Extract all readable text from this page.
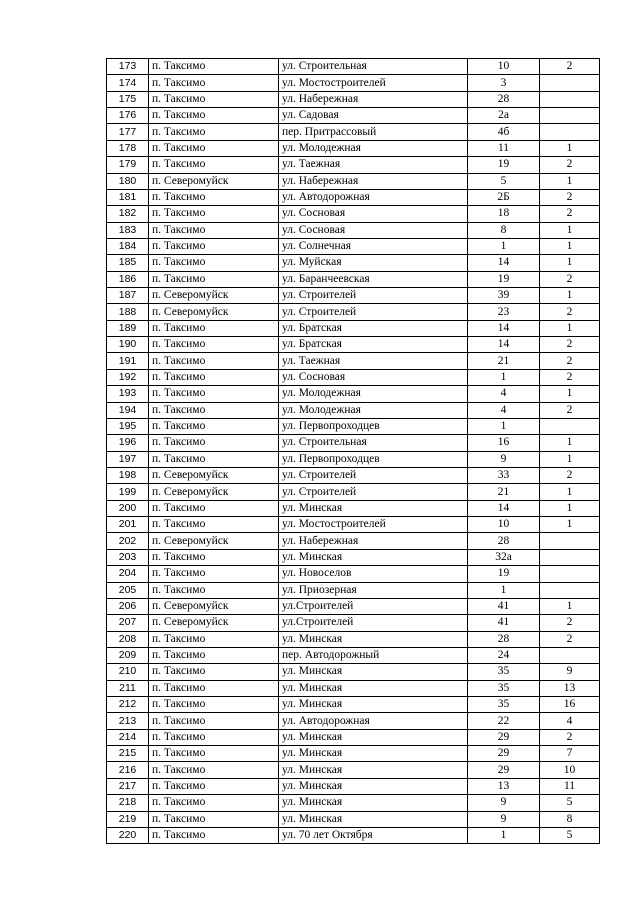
173	п. Таксимо	ул. Строительная	10	2
174	п. Таксимо	ул. Мостостроителей	3	
175	п. Таксимо	ул. Набережная	28	
176	п. Таксимо	ул. Садовая	2а	
177	п. Таксимо	пер. Притрассовый	4б	
178	п. Таксимо	ул. Молодежная	11	1
179	п. Таксимо	ул. Таежная	19	2
180	п. Северомуйск	ул. Набережная	5	1
181	п. Таксимо	ул. Автодорожная	2Б	2
182	п. Таксимо	ул. Сосновая	18	2
183	п. Таксимо	ул. Сосновая	8	1
184	п. Таксимо	ул. Солнечная	1	1
185	п. Таксимо	ул. Муйская	14	1
186	п. Таксимо	ул. Баранчеевская	19	2
187	п. Северомуйск	ул. Строителей	39	1
188	п. Северомуйск	ул. Строителей	23	2
189	п. Таксимо	ул. Братская	14	1
190	п. Таксимо	ул. Братская	14	2
191	п. Таксимо	ул. Таежная	21	2
192	п. Таксимо	ул. Сосновая	1	2
193	п. Таксимо	ул. Молодежная	4	1
194	п. Таксимо	ул. Молодежная	4	2
195	п. Таксимо	ул. Первопроходцев	1	
196	п. Таксимо	ул. Строительная	16	1
197	п. Таксимо	ул. Первопроходцев	9	1
198	п. Северомуйск	ул. Строителей	33	2
199	п. Северомуйск	ул. Строителей	21	1
200	п. Таксимо	ул. Минская	14	1
201	п. Таксимо	ул. Мостостроителей	10	1
202	п. Северомуйск	ул. Набережная	28	
203	п. Таксимо	ул. Минская	32а	
204	п. Таксимо	ул. Новоселов	19	
205	п. Таксимо	ул. Приозерная	1	
206	п. Северомуйск	ул.Строителей	41	1
207	п. Северомуйск	ул.Строителей	41	2
208	п. Таксимо	ул. Минская	28	2
209	п. Таксимо	пер. Автодорожный	24	
210	п. Таксимо	ул. Минская	35	9
211	п. Таксимо	ул. Минская	35	13
212	п. Таксимо	ул. Минская	35	16
213	п. Таксимо	ул. Автодорожная	22	4
214	п. Таксимо	ул. Минская	29	2
215	п. Таксимо	ул. Минская	29	7
216	п. Таксимо	ул. Минская	29	10
217	п. Таксимо	ул. Минская	13	11
218	п. Таксимо	ул. Минская	9	5
219	п. Таксимо	ул. Минская	9	8
220	п. Таксимо	ул. 70 лет Октября	1	5
